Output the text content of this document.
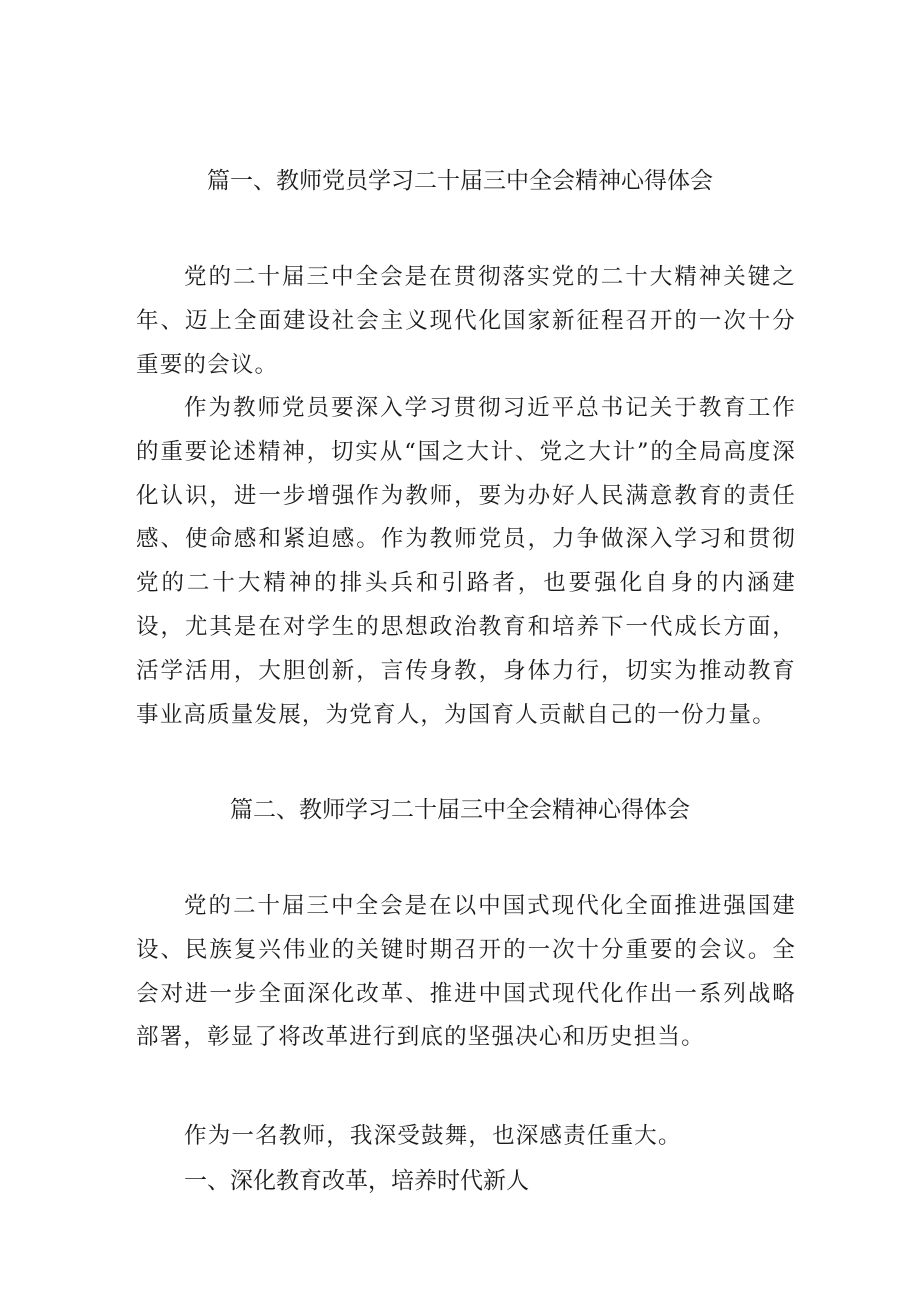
篇一、教师党员学习二十届三中全会精神心得体会

党的二十届三中全会是在贯彻落实党的二十大精神关键之年、迈上全面建设社会主义现代化国家新征程召开的一次十分重要的会议。

作为教师党员要深入学习贯彻习近平总书记关于教育工作的重要论述精神，切实从“国之大计、党之大计”的全局高度深化认识，进一步增强作为教师，要为办好人民满意教育的责任感、使命感和紧迫感。作为教师党员，力争做深入学习和贯彻党的二十大精神的排头兵和引路者，也要强化自身的内涵建设，尤其是在对学生的思想政治教育和培养下一代成长方面，活学活用，大胆创新，言传身教，身体力行，切实为推动教育事业高质量发展，为党育人，为国育人贡献自己的一份力量。

篇二、教师学习二十届三中全会精神心得体会

党的二十届三中全会是在以中国式现代化全面推进强国建设、民族复兴伟业的关键时期召开的一次十分重要的会议。全会对进一步全面深化改革、推进中国式现代化作出一系列战略部署，彰显了将改革进行到底的坚强决心和历史担当。

作为一名教师，我深受鼓舞，也深感责任重大。

一、深化教育改革，培养时代新人
